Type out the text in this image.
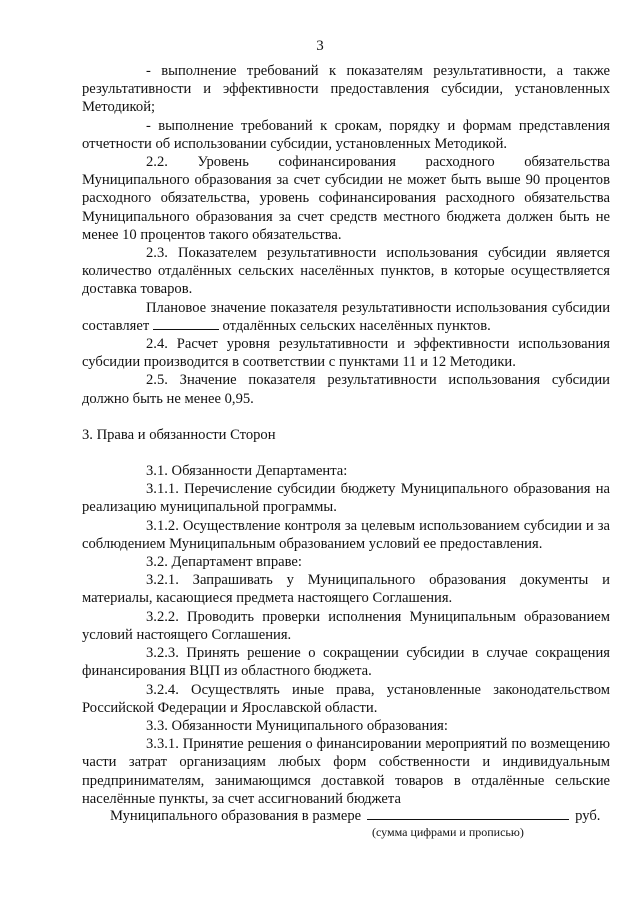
3

- выполнение требований к показателям результативности, а также результативности и эффективности предоставления субсидии, установленных Методикой;

- выполнение требований к срокам, порядку и формам представления отчетности об использовании субсидии, установленных Методикой.

2.2. Уровень софинансирования расходного обязательства Муниципального образования за счет субсидии не может быть выше 90 процентов расходного обязательства, уровень софинансирования расходного обязательства Муниципального образования за счет средств местного бюджета должен быть не менее 10 процентов такого обязательства.

2.3. Показателем результативности использования субсидии является количество отдалённых сельских населённых пунктов, в которые осуществляется доставка товаров.

Плановое значение показателя результативности использования субсидии составляет	отдалённых сельских населённых пунктов.

2.4. Расчет уровня результативности и эффективности использования субсидии производится в соответствии с пунктами 11 и 12 Методики.

2.5. Значение показателя результативности использования субсидии должно быть не менее 0,95.

3. Права и обязанности Сторон

3.1. Обязанности Департамента:

3.1.1. Перечисление субсидии бюджету Муниципального образования на реализацию муниципальной программы.

3.1.2. Осуществление контроля за целевым использованием субсидии и за соблюдением Муниципальным образованием условий ее предоставления.

3.2. Департамент вправе:

3.2.1. Запрашивать у Муниципального образования документы и материалы, касающиеся предмета настоящего Соглашения.

3.2.2. Проводить проверки исполнения Муниципальным образованием условий настоящего Соглашения.

3.2.3. Принять решение о сокращении субсидии в случае сокращения финансирования ВЦП из областного бюджета.

3.2.4. Осуществлять иные права, установленные законодательством Российской Федерации и Ярославской области.

3.3. Обязанности Муниципального образования:

3.3.1. Принятие решения о финансировании мероприятий по возмещению части затрат организациям любых форм собственности и индивидуальным предпринимателям, занимающимся доставкой товаров в отдалённые сельские населённые пункты, за счет ассигнований бюджета

Муниципального образования в размере	руб.
(сумма цифрами и прописью)
